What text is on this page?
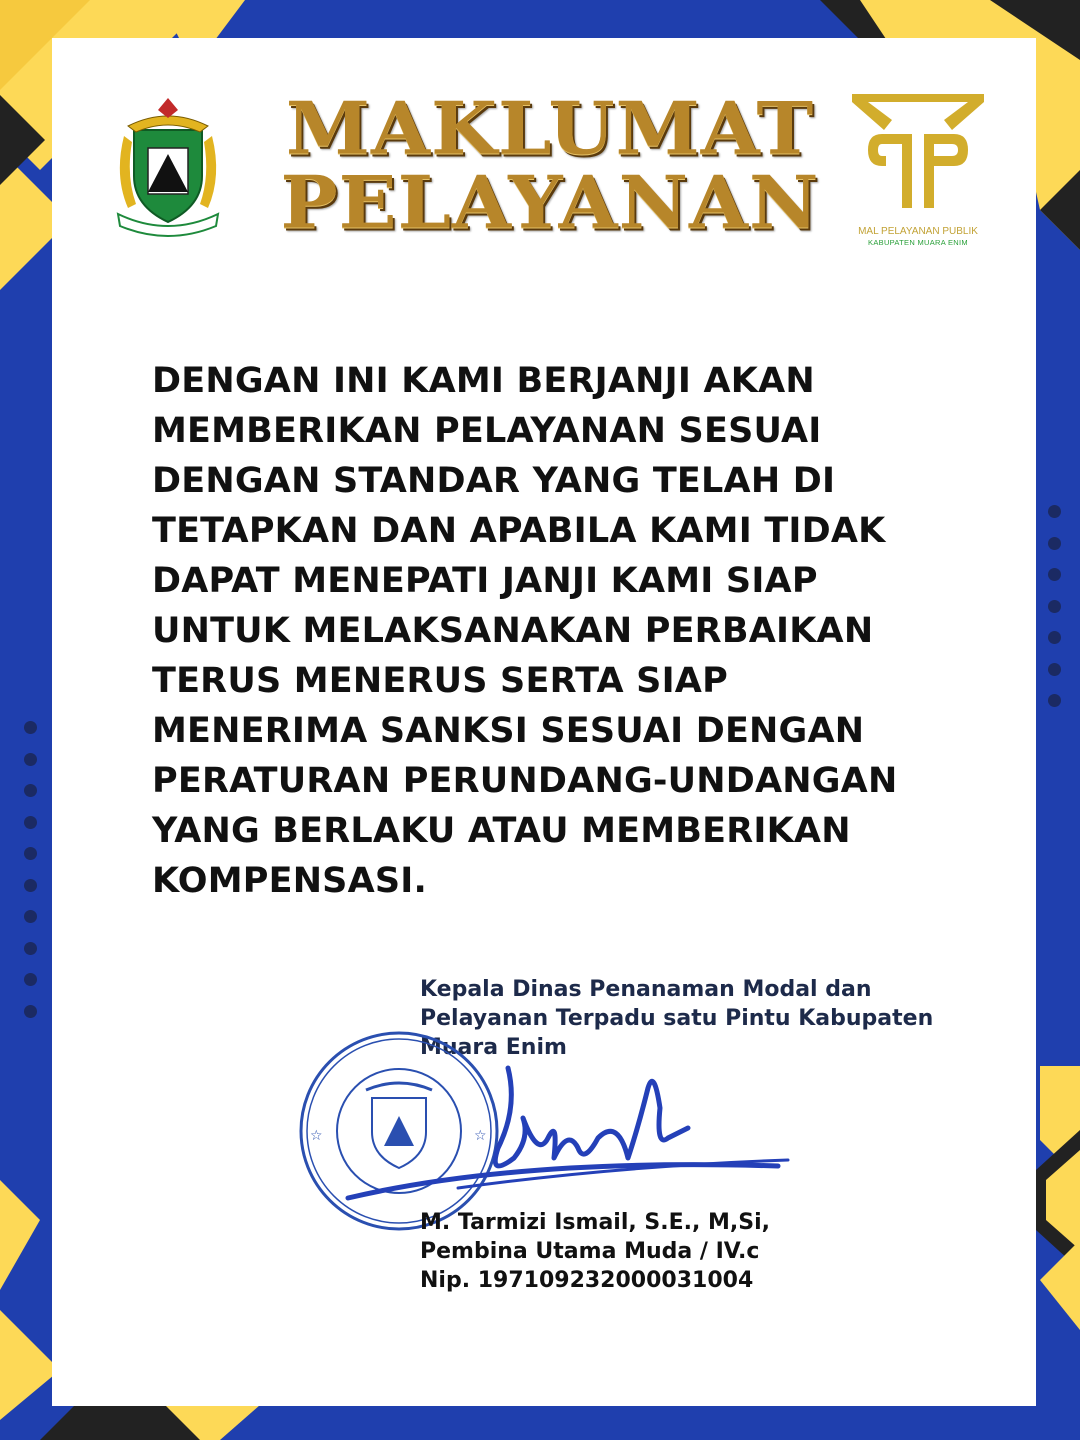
MAL PELAYANAN PUBLIK
KABUPATEN MUARA ENIM
MAKLUMAT
PELAYANAN
DENGAN INI KAMI BERJANJI AKAN
MEMBERIKAN PELAYANAN SESUAI
DENGAN STANDAR YANG TELAH DI
TETAPKAN DAN APABILA KAMI TIDAK
DAPAT MENEPATI JANJI KAMI SIAP
UNTUK MELAKSANAKAN PERBAIKAN
TERUS MENERUS SERTA SIAP
MENERIMA SANKSI SESUAI DENGAN
PERATURAN PERUNDANG-UNDANGAN
YANG BERLAKU ATAU MEMBERIKAN
KOMPENSASI.
Kepala Dinas Penanaman Modal dan
Pelayanan Terpadu satu Pintu Kabupaten
Muara Enim
☆	☆
M. Tarmizi Ismail, S.E., M,Si,
Pembina Utama Muda / IV.c
Nip. 197109232000031004
